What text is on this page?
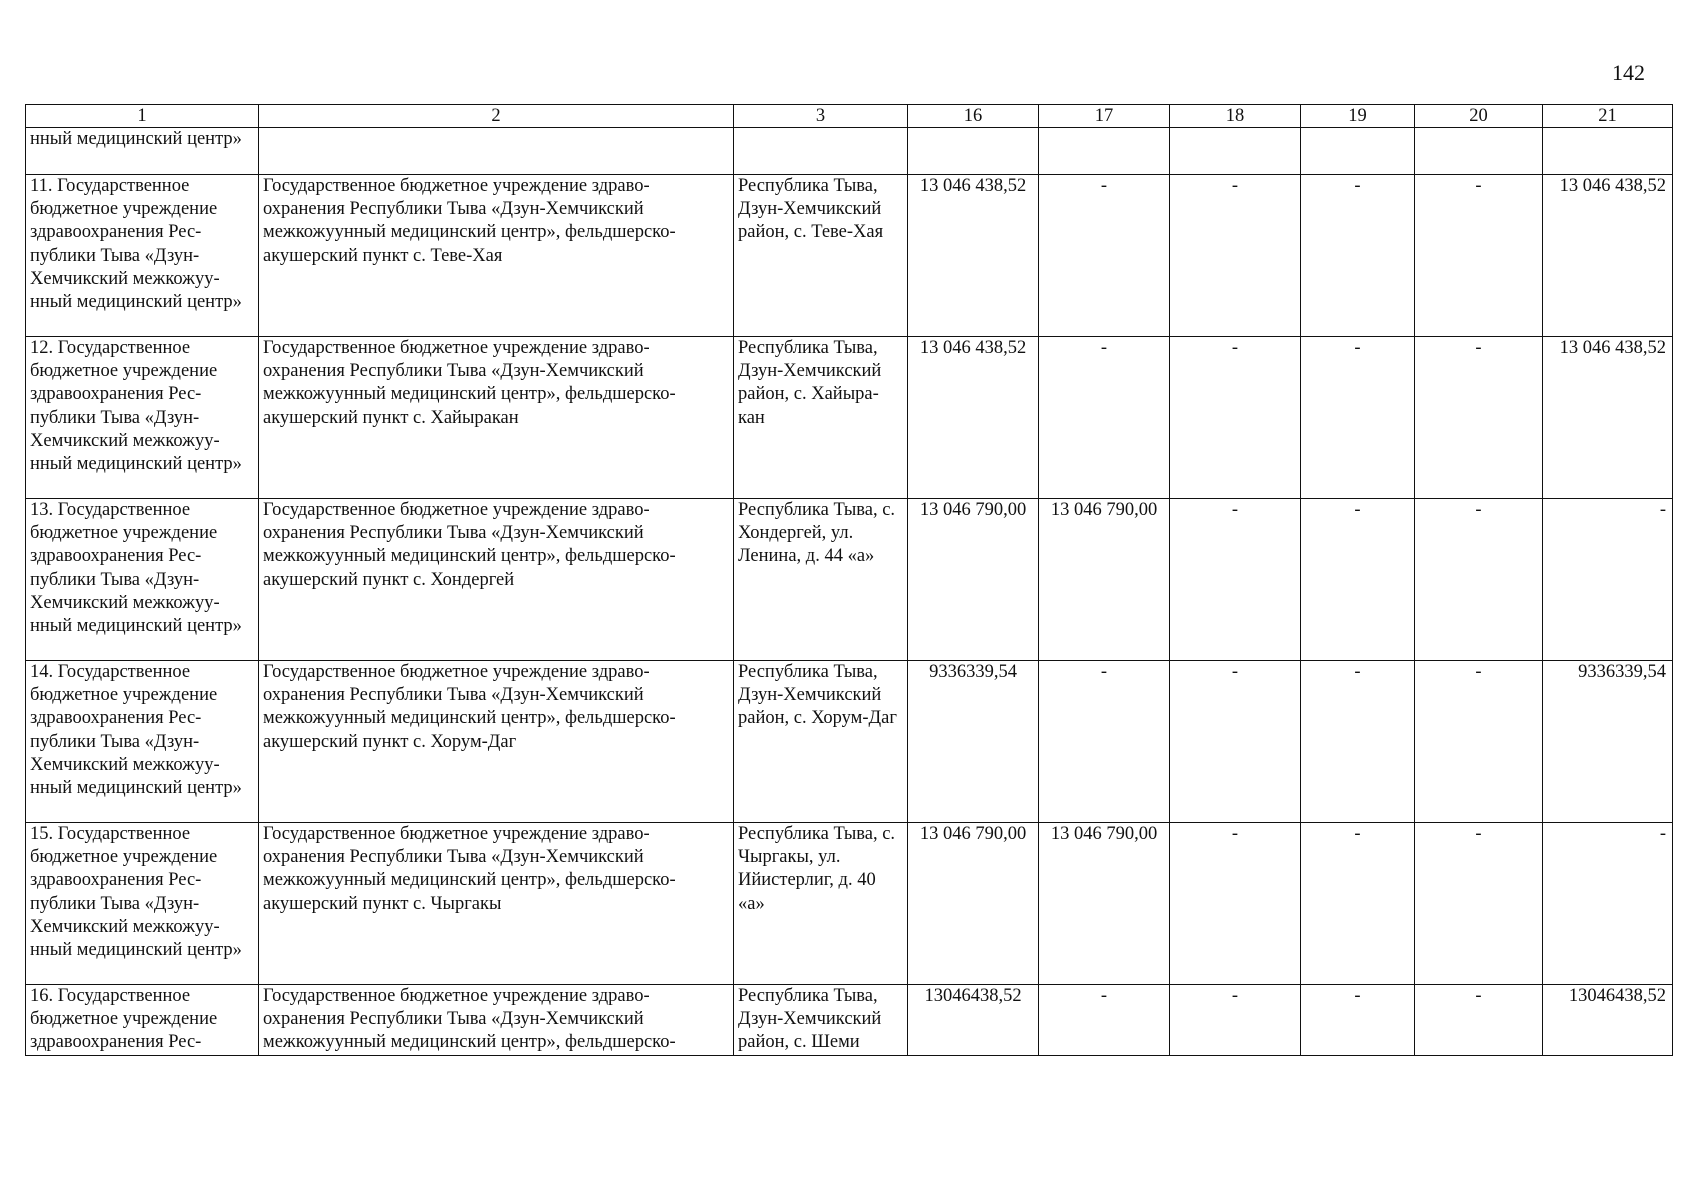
142
1	2	3	16	17	18	19	20	21
нный медицинский центр»								
11. Государственное бюджетное учреждение здравоохранения Рес-публики Тыва «Дзун-Хемчикский межкожуу-нный медицинский центр»	Государственное бюджетное учреждение здраво-охранения Республики Тыва «Дзун-Хемчикский межкожуунный медицинский центр», фельдшерско-акушерский пункт с. Теве-Хая	Республика Тыва, Дзун-Хемчикский район, с. Теве-Хая	13 046 438,52	-	-	-	-	13 046 438,52
12. Государственное бюджетное учреждение здравоохранения Рес-публики Тыва «Дзун-Хемчикский межкожуу-нный медицинский центр»	Государственное бюджетное учреждение здраво-охранения Республики Тыва «Дзун-Хемчикский межкожуунный медицинский центр», фельдшерско-акушерский пункт с. Хайыракан	Республика Тыва, Дзун-Хемчикский район, с. Хайыра-кан	13 046 438,52	-	-	-	-	13 046 438,52
13. Государственное бюджетное учреждение здравоохранения Рес-публики Тыва «Дзун-Хемчикский межкожуу-нный медицинский центр»	Государственное бюджетное учреждение здраво-охранения Республики Тыва «Дзун-Хемчикский межкожуунный медицинский центр», фельдшерско-акушерский пункт с. Хондергей	Республика Тыва, с. Хондергей, ул. Ленина, д. 44 «а»	13 046 790,00	13 046 790,00	-	-	-	-
14. Государственное бюджетное учреждение здравоохранения Рес-публики Тыва «Дзун-Хемчикский межкожуу-нный медицинский центр»	Государственное бюджетное учреждение здраво-охранения Республики Тыва «Дзун-Хемчикский межкожуунный медицинский центр», фельдшерско-акушерский пункт с. Хорум-Даг	Республика Тыва, Дзун-Хемчикский район, с. Хорум-Даг	9336339,54	-	-	-	-	9336339,54
15. Государственное бюджетное учреждение здравоохранения Рес-публики Тыва «Дзун-Хемчикский межкожуу-нный медицинский центр»	Государственное бюджетное учреждение здраво-охранения Республики Тыва «Дзун-Хемчикский межкожуунный медицинский центр», фельдшерско-акушерский пункт с. Чыргакы	Республика Тыва, с. Чыргакы, ул. Ийистерлиг, д. 40 «а»	13 046 790,00	13 046 790,00	-	-	-	-
16. Государственное бюджетное учреждение здравоохранения Рес-	Государственное бюджетное учреждение здраво-охранения Республики Тыва «Дзун-Хемчикский межкожуунный медицинский центр», фельдшерско-	Республика Тыва, Дзун-Хемчикский район, с. Шеми	13046438,52	-	-	-	-	13046438,52
